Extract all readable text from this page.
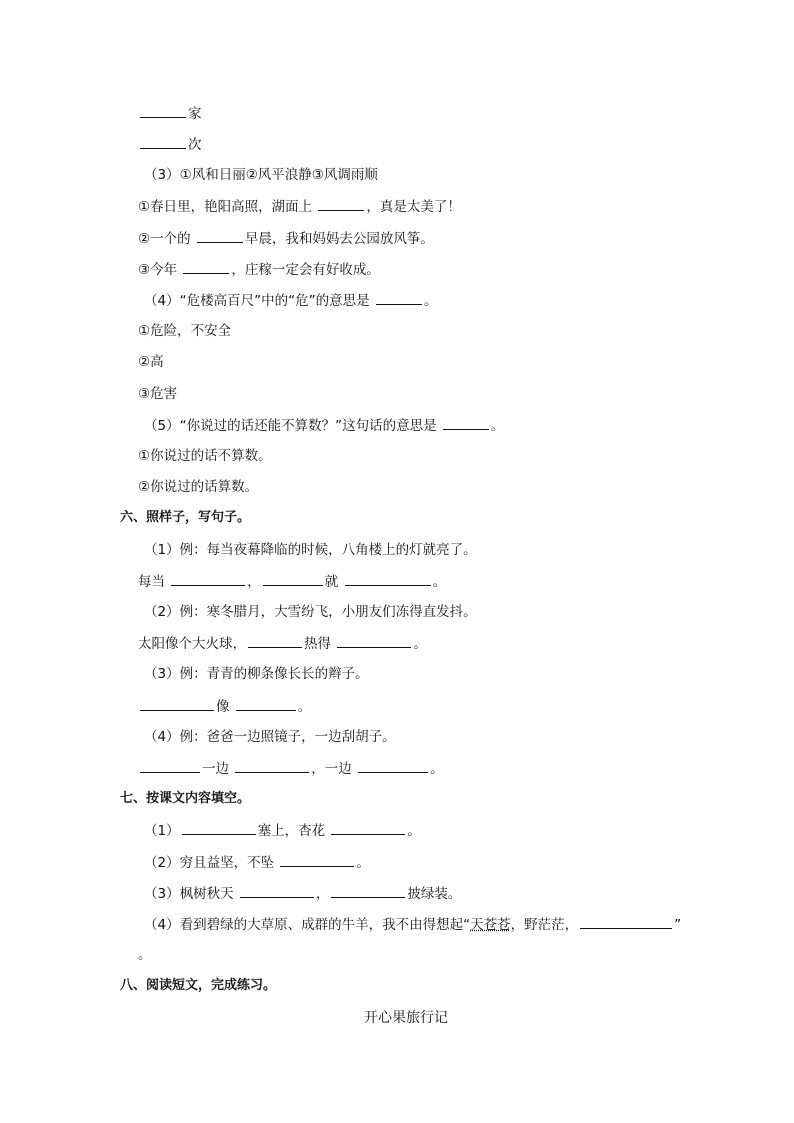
家
次
（3）①风和日丽②风平浪静③风调雨顺
①春日里，艳阳高照，湖面上	，真是太美了！
②一个的	早晨，我和妈妈去公园放风筝。
③今年	，庄稼一定会有好收成。
（4）“危楼高百尺”中的“危”的意思是	。
①危险，不安全
②高
③危害
（5）“你说过的话还能不算数？”这句话的意思是	。
①你说过的话不算数。
②你说过的话算数。
六、照样子，写句子。
（1）例：每当夜幕降临的时候，八角楼上的灯就亮了。
每当	，	就	。
（2）例：寒冬腊月，大雪纷飞，小朋友们冻得直发抖。
太阳像个大火球，	热得	。
（3）例：青青的柳条像长长的辫子。
像	。
（4）例：爸爸一边照镜子，一边刮胡子。
一边	，一边	。
七、按课文内容填空。
（1）	塞上，杏花	。
（2）穷且益坚，不坠	。
（3）枫树秋天	，	披绿装。
（4）看到碧绿的大草原、成群的牛羊，我不由得想起“天苍苍，野茫茫，	”
。
八、阅读短文，完成练习。
开心果旅行记
